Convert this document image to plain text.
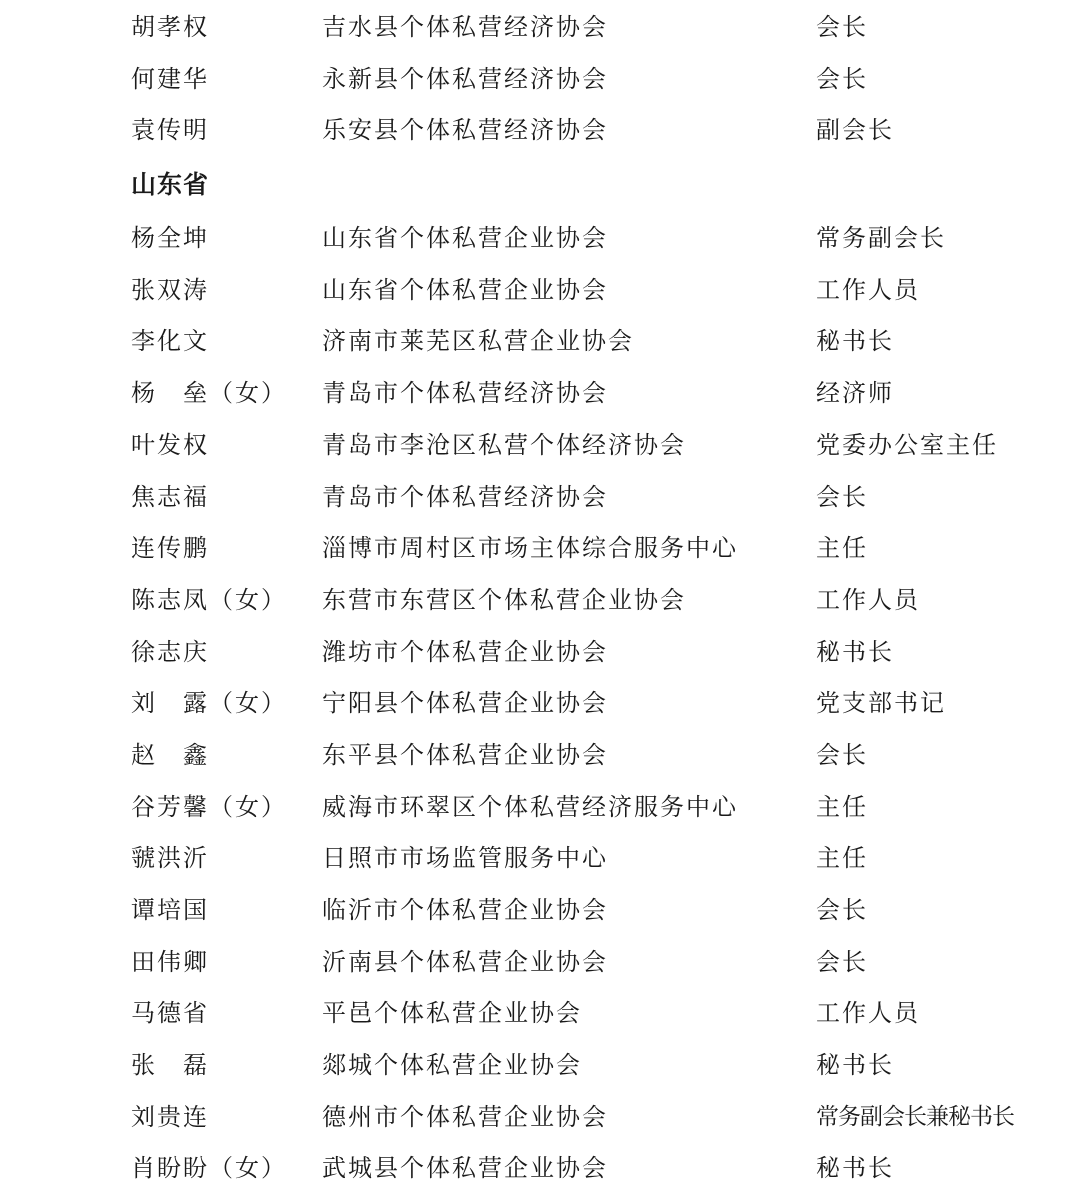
胡孝权	吉水县个体私营经济协会	会长
何建华	永新县个体私营经济协会	会长
袁传明	乐安县个体私营经济协会	副会长
山东省
杨全坤	山东省个体私营企业协会	常务副会长
张双涛	山东省个体私营企业协会	工作人员
李化文	济南市莱芜区私营企业协会	秘书长
杨　垒（女） 青岛市个体私营经济协会	经济师
叶发权	青岛市李沧区私营个体经济协会	党委办公室主任
焦志福	青岛市个体私营经济协会	会长
连传鹏	淄博市周村区市场主体综合服务中心	主任
陈志凤（女） 东营市东营区个体私营企业协会	工作人员
徐志庆	潍坊市个体私营企业协会	秘书长
刘　露（女） 宁阳县个体私营企业协会	党支部书记
赵　鑫	东平县个体私营企业协会	会长
谷芳馨（女） 威海市环翠区个体私营经济服务中心	主任
虢洪沂	日照市市场监管服务中心	主任
谭培国	临沂市个体私营企业协会	会长
田伟卿	沂南县个体私营企业协会	会长
马德省	平邑个体私营企业协会	工作人员
张　磊	郯城个体私营企业协会	秘书长
刘贵连	德州市个体私营企业协会	常务副会长兼秘书长
肖盼盼（女） 武城县个体私营企业协会	秘书长
